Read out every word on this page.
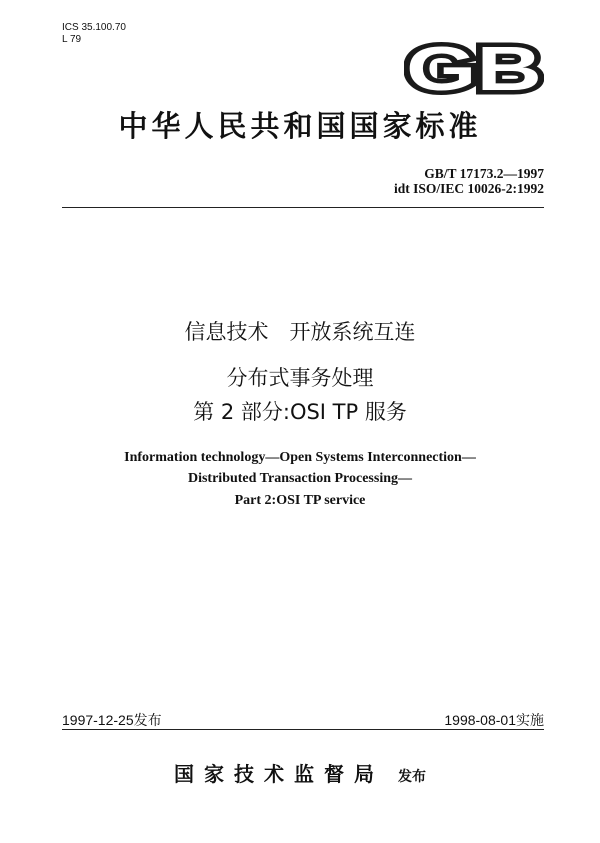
ICS 35.100.70
L 79	GB
中华人民共和国国家标准
GB/T 17173.2—1997
idt ISO/IEC 10026-2:1992
信息技术　开放系统互连
分布式事务处理
第 2 部分:OSI TP 服务
Information technology—Open Systems Interconnection—
Distributed Transaction Processing—
Part 2:OSI TP service
1997-12-25发布	1998-08-01实施
国家技术监督局 发布
